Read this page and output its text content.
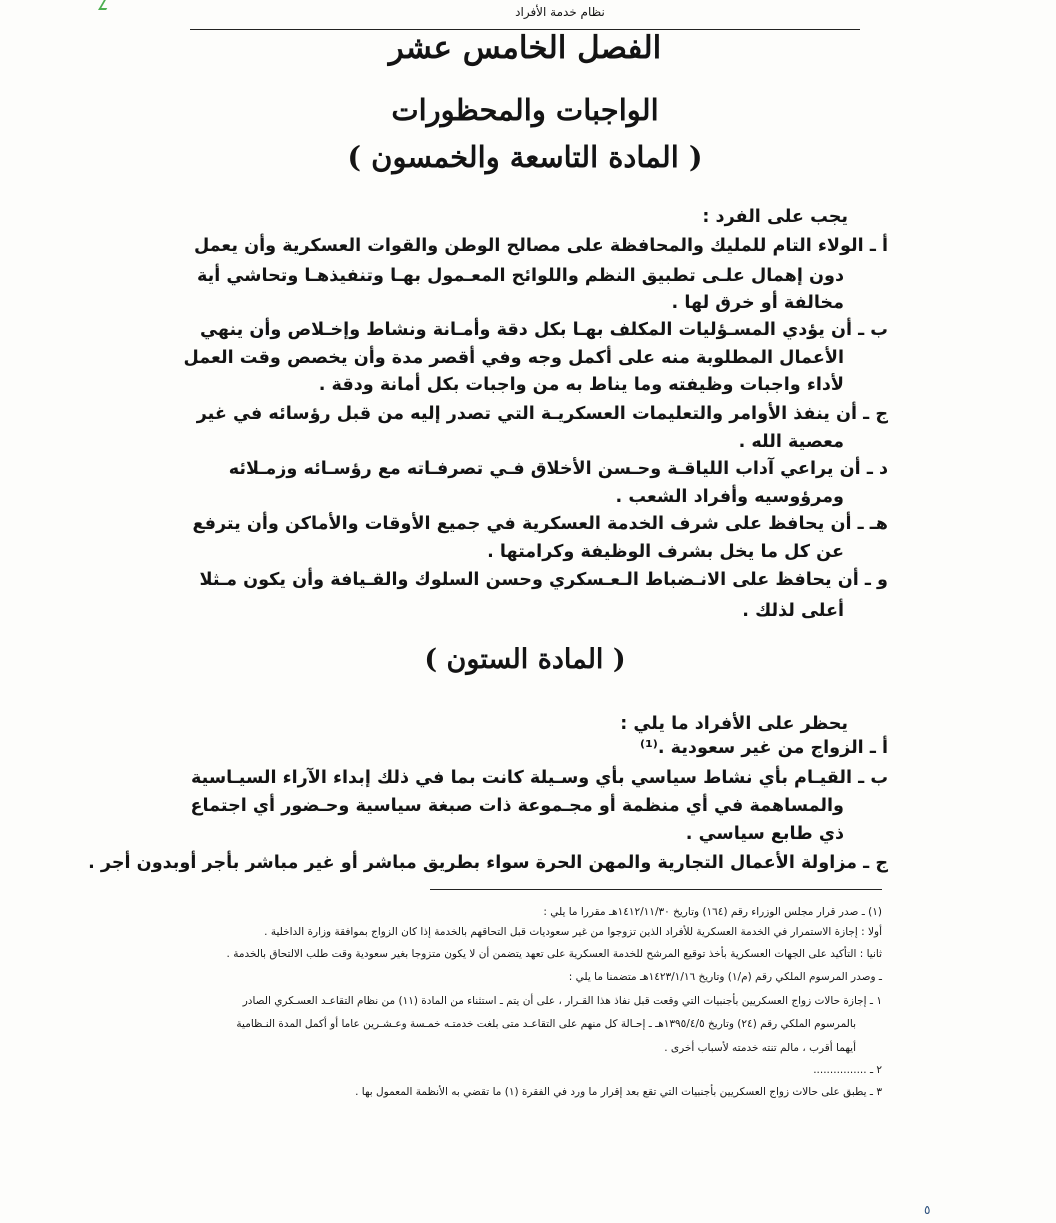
نظام خدمة الأفراد
الفصل الخامس عشر
الواجبات والمحظورات
( المادة التاسعة والخمسون )
يجب على الفرد :
أ ـ الولاء التام للمليك والمحافظة على مصالح الوطن والقوات العسكرية وأن يعمل
دون إهمال علـى تطبيق النظم واللوائح المعـمول بهـا وتنفيذهـا وتحاشي أية
مخالفة أو خرق لها .
ب ـ أن يؤدي المسـؤليات المكلف بهـا بكل دقة وأمـانة ونشاط وإخـلاص وأن ينهي
الأعمال المطلوبة منه على أكمل وجه وفي أقصر مدة وأن يخصص وقت العمل
لأداء واجبات وظيفته وما يناط به من واجبات بكل أمانة ودقة .
ج ـ أن ينفذ الأوامر والتعليمات العسكريـة التي تصدر إليه من قبل رؤسائه في غير
معصية الله .
د ـ أن يراعي آداب اللياقـة وحـسن الأخلاق فـي تصرفـاته مع رؤسـائه وزمـلائه
ومرؤوسيه وأفراد الشعب .
هـ ـ أن يحافظ على شرف الخدمة العسكرية في جميع الأوقات والأماكن وأن يترفع
عن كل ما يخل بشرف الوظيفة وكرامتها .
و ـ أن يحافظ على الانـضباط الـعـسكري وحسن السلوك والقـيافة وأن يكون مـثلا
أعلى لذلك .
( المادة الستون )
يحظر على الأفراد ما يلي :
أ ـ الزواج من غير سعودية .⁽¹⁾
ب ـ القيـام بأي نشاط سياسي بأي وسـيلة كانت بما في ذلك إبداء الآراء السيـاسية
والمساهمة في أي منظمة أو مجـموعة ذات صبغة سياسية وحـضور أي اجتماع
ذي طابع سياسي .
ج ـ مزاولة الأعمال التجارية والمهن الحرة سواء بطريق مباشر أو غير مباشر بأجر أوبدون أجر .
(١) ـ صدر قرار مجلس الوزراء رقم (١٦٤) وتاريخ ١٤١٢/١١/٣٠هـ مقررا ما يلي :
أولا : إجازة الاستمرار في الخدمة العسكرية للأفراد الذين تزوجوا من غير سعوديات قبل التحاقهم بالخدمة إذا كان الزواج بموافقة وزارة الداخلية .
ثانيا : التأكيد على الجهات العسكرية بأخذ توقيع المرشح للخدمة العسكرية على تعهد يتضمن أن لا يكون متزوجا بغير سعودية وقت طلب الالتحاق بالخدمة .
ـ وصدر المرسوم الملكي رقم (م/١) وتاريخ ١٤٢٣/١/١٦هـ متضمنا ما يلي :
١ ـ إجازة حالات زواج العسكريين بأجنبيات التي وقعت قبل نفاذ هذا القـرار ، على أن يتم ـ استثناء من المادة (١١) من نظام التقاعـد العسـكري الصادر
بالمرسوم الملكي رقم (٢٤) وتاريخ ١٣٩٥/٤/٥هـ ـ إحـالة كل منهم على التقاعـد متى بلغت خدمتـه خمـسة وعـشـرين عاما أو أكمل المدة النـظامية
أيهما أقرب ، مالم تنته خدمته لأسباب أخرى .
٢ ـ ................
٣ ـ يطبق على حالات زواج العسكريين بأجنبيات التي تقع بعد إقرار ما ورد في الفقرة (١) ما تقضي به الأنظمة المعمول بها .
٥
